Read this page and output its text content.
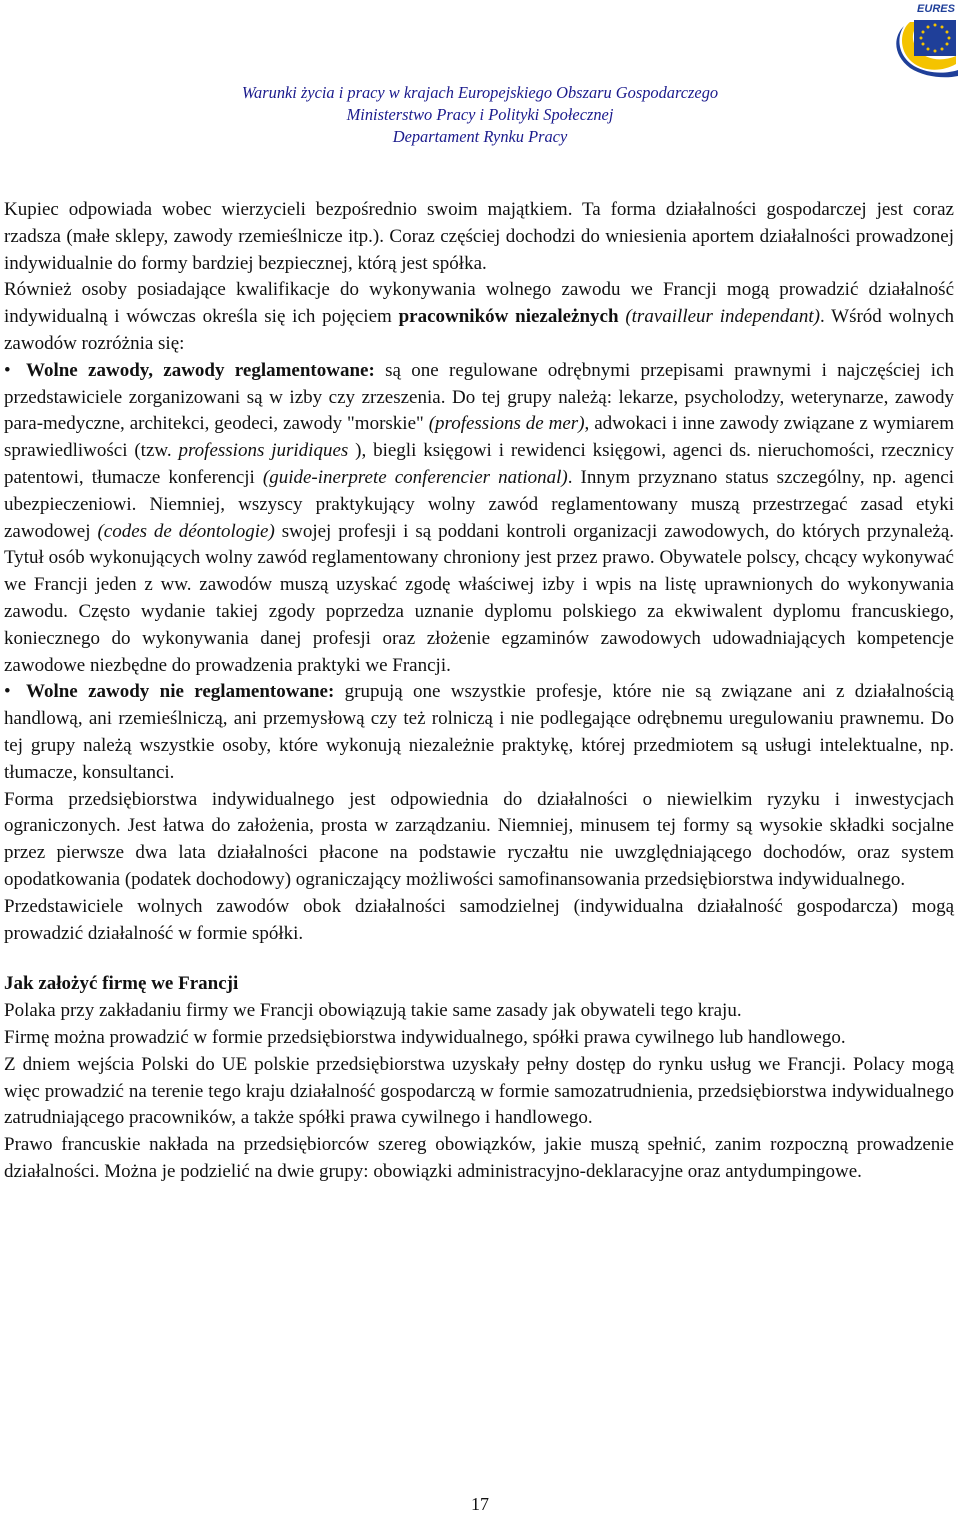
EURES
Warunki życia i pracy w krajach Europejskiego Obszaru Gospodarczego
Ministerstwo Pracy i Polityki Społecznej
Departament Rynku Pracy

Kupiec odpowiada wobec wierzycieli bezpośrednio swoim majątkiem. Ta forma działalności gospodarczej jest coraz rzadsza (małe sklepy, zawody rzemieślnicze itp.). Coraz częściej dochodzi do wniesienia aportem działalności prowadzonej indywidualnie do formy bardziej bezpiecznej, którą jest spółka.

Również osoby posiadające kwalifikacje do wykonywania wolnego zawodu we Francji mogą prowadzić działalność indywidualną i wówczas określa się ich pojęciem pracowników niezależnych (travailleur independant). Wśród wolnych zawodów rozróżnia się:

• Wolne zawody, zawody reglamentowane: są one regulowane odrębnymi przepisami prawnymi i najczęściej ich przedstawiciele zorganizowani są w izby czy zrzeszenia. Do tej grupy należą: lekarze, psycholodzy, weterynarze, zawody para-medyczne, architekci, geodeci, zawody "morskie" (professions de mer), adwokaci i inne zawody związane z wymiarem sprawiedliwości (tzw. professions juridiques ), biegli księgowi i rewidenci księgowi, agenci ds. nieruchomości, rzecznicy patentowi, tłumacze konferencji (guide-inerprete conferencier national). Innym przyznano status szczególny, np. agenci ubezpieczeniowi. Niemniej, wszyscy praktykujący wolny zawód reglamentowany muszą przestrzegać zasad etyki zawodowej (codes de déontologie) swojej profesji i są poddani kontroli organizacji zawodowych, do których przynależą. Tytuł osób wykonujących wolny zawód reglamentowany chroniony jest przez prawo. Obywatele polscy, chcący wykonywać we Francji jeden z ww. zawodów muszą uzyskać zgodę właściwej izby i wpis na listę uprawnionych do wykonywania zawodu. Często wydanie takiej zgody poprzedza uznanie dyplomu polskiego za ekwiwalent dyplomu francuskiego, koniecznego do wykonywania danej profesji oraz złożenie egzaminów zawodowych udowadniających kompetencje zawodowe niezbędne do prowadzenia praktyki we Francji.

• Wolne zawody nie reglamentowane: grupują one wszystkie profesje, które nie są związane ani z działalnością handlową, ani rzemieślniczą, ani przemysłową czy też rolniczą i nie podlegające odrębnemu uregulowaniu prawnemu. Do tej grupy należą wszystkie osoby, które wykonują niezależnie praktykę, której przedmiotem są usługi intelektualne, np. tłumacze, konsultanci.

Forma przedsiębiorstwa indywidualnego jest odpowiednia do działalności o niewielkim ryzyku i inwestycjach ograniczonych. Jest łatwa do założenia, prosta w zarządzaniu. Niemniej, minusem tej formy są wysokie składki socjalne przez pierwsze dwa lata działalności płacone na podstawie ryczałtu nie uwzględniającego dochodów, oraz system opodatkowania (podatek dochodowy) ograniczający możliwości samofinansowania przedsiębiorstwa indywidualnego.

Przedstawiciele wolnych zawodów obok działalności samodzielnej (indywidualna działalność gospodarcza) mogą prowadzić działalność w formie spółki.

Jak założyć firmę we Francji

Polaka przy zakładaniu firmy we Francji obowiązują takie same zasady jak obywateli tego kraju.

Firmę można prowadzić w formie przedsiębiorstwa indywidualnego, spółki prawa cywilnego lub handlowego.

Z dniem wejścia Polski do UE polskie przedsiębiorstwa uzyskały pełny dostęp do rynku usług we Francji. Polacy mogą więc prowadzić na terenie tego kraju działalność gospodarczą w formie samozatrudnienia, przedsiębiorstwa indywidualnego zatrudniającego pracowników, a także spółki prawa cywilnego i handlowego.

Prawo francuskie nakłada na przedsiębiorców szereg obowiązków, jakie muszą spełnić, zanim rozpoczną prowadzenie działalności. Można je podzielić na dwie grupy: obowiązki administracyjno-deklaracyjne oraz antydumpingowe.

17
